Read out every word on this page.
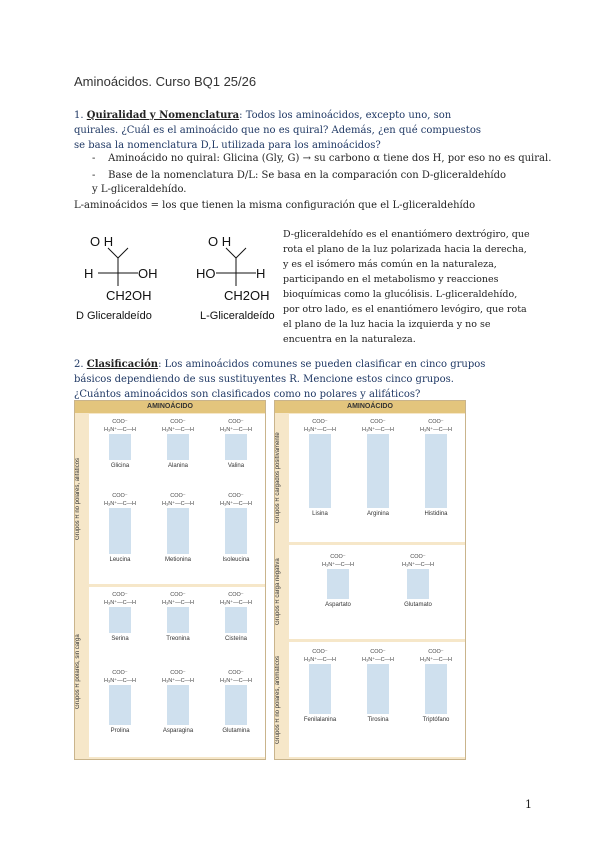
Aminoácidos. Curso BQ1 25/26
1. Quiralidad y Nomenclatura: Todos los aminoácidos, excepto uno, son quirales. ¿Cuál es el aminoácido que no es quiral? Además, ¿en qué compuestos se basa la nomenclatura D,L utilizada para los aminoácidos?
-    Aminoácido no quiral: Glicina (Gly, G) → su carbono α tiene dos H, por eso no es quiral.
-    Base de la nomenclatura D/L: Se basa en la comparación con D-gliceraldehído y L-gliceraldehído.
L-aminoácidos = los que tienen la misma configuración que el L-gliceraldehído
O H
H	OH
CH2OH
D Gliceraldeído
O H
HO	H
CH2OH
L-Gliceraldeído
D-gliceraldehído es el enantiómero dextrógiro, que rota el plano de la luz polarizada hacia la derecha, y es el isómero más común en la naturaleza, participando en el metabolismo y reacciones bioquímicas como la glucólisis. L-gliceraldehído, por otro lado, es el enantiómero levógiro, que rota el plano de la luz hacia la izquierda y no se encuentra en la naturaleza.
2. Clasificación: Los aminoácidos comunes se pueden clasificar en cinco grupos básicos dependiendo de sus sustituyentes R. Mencione estos cinco grupos. ¿Cuántos aminoácidos son clasificados como no polares y alifáticos?
AMINOÁCIDO
Grupos R no polares, alifáticos
COO⁻
H₃N⁺—C—H
Glicina
COO⁻
H₃N⁺—C—H
Alanina
COO⁻
H₃N⁺—C—H
Valina
COO⁻
H₃N⁺—C—H
Leucina
COO⁻
H₃N⁺—C—H
Metionina
COO⁻
H₃N⁺—C—H
Isoleucina
Grupos R polares, sin carga
COO⁻
H₃N⁺—C—H
Serina
COO⁻
H₃N⁺—C—H
Treonina
COO⁻
H₃N⁺—C—H
Cisteína
COO⁻
H₃N⁺—C—H
Prolina
COO⁻
H₃N⁺—C—H
Asparagina
COO⁻
H₃N⁺—C—H
Glutamina
AMINOÁCIDO
Grupos R cargados positivamente
COO⁻
H₃N⁺—C—H
Lisina
COO⁻
H₃N⁺—C—H
Arginina
COO⁻
H₃N⁺—C—H
Histidina
Grupos R carga negativa
COO⁻
H₃N⁺—C—H
Aspartato
COO⁻
H₃N⁺—C—H
Glutamato
Grupos R no polares, aromáticos
COO⁻
H₃N⁺—C—H
Fenilalanina
COO⁻
H₃N⁺—C—H
Tirosina
COO⁻
H₃N⁺—C—H
Triptófano
1
